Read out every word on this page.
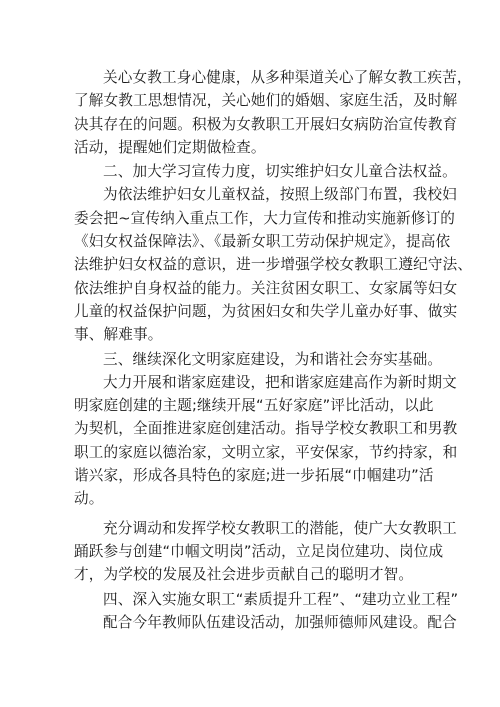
关心女教工身心健康，从多种渠道关心了解女教工疾苦，
了解女教工思想情况，关心她们的婚姻、家庭生活，及时解
决其存在的问题。积极为女教职工开展妇女病防治宣传教育
活动，提醒她们定期做检查。

二、加大学习宣传力度，切实维护妇女儿童合法权益。

为依法维护妇女儿童权益，按照上级部门布置，我校妇
委会把~宣传纳入重点工作，大力宣传和推动实施新修订的
《妇女权益保障法》、《最新女职工劳动保护规定》，提高依
法维护妇女权益的意识，进一步增强学校女教职工遵纪守法、
依法维护自身权益的能力。关注贫困女职工、女家属等妇女
儿童的权益保护问题，为贫困妇女和失学儿童办好事、做实
事、解难事。

三、继续深化文明家庭建设，为和谐社会夯实基础。

大力开展和谐家庭建设，把和谐家庭建高作为新时期文
明家庭创建的主题;继续开展“五好家庭”评比活动，以此
为契机，全面推进家庭创建活动。指导学校女教职工和男教
职工的家庭以德治家，文明立家，平安保家，节约持家，和
谐兴家，形成各具特色的家庭;进一步拓展“巾帼建功”活
动。

充分调动和发挥学校女教职工的潜能，使广大女教职工
踊跃参与创建“巾帼文明岗”活动，立足岗位建功、岗位成
才，为学校的发展及社会进步贡献自己的聪明才智。

四、深入实施女职工“素质提升工程”、“建功立业工程”

配合今年教师队伍建设活动，加强师德师风建设。配合
